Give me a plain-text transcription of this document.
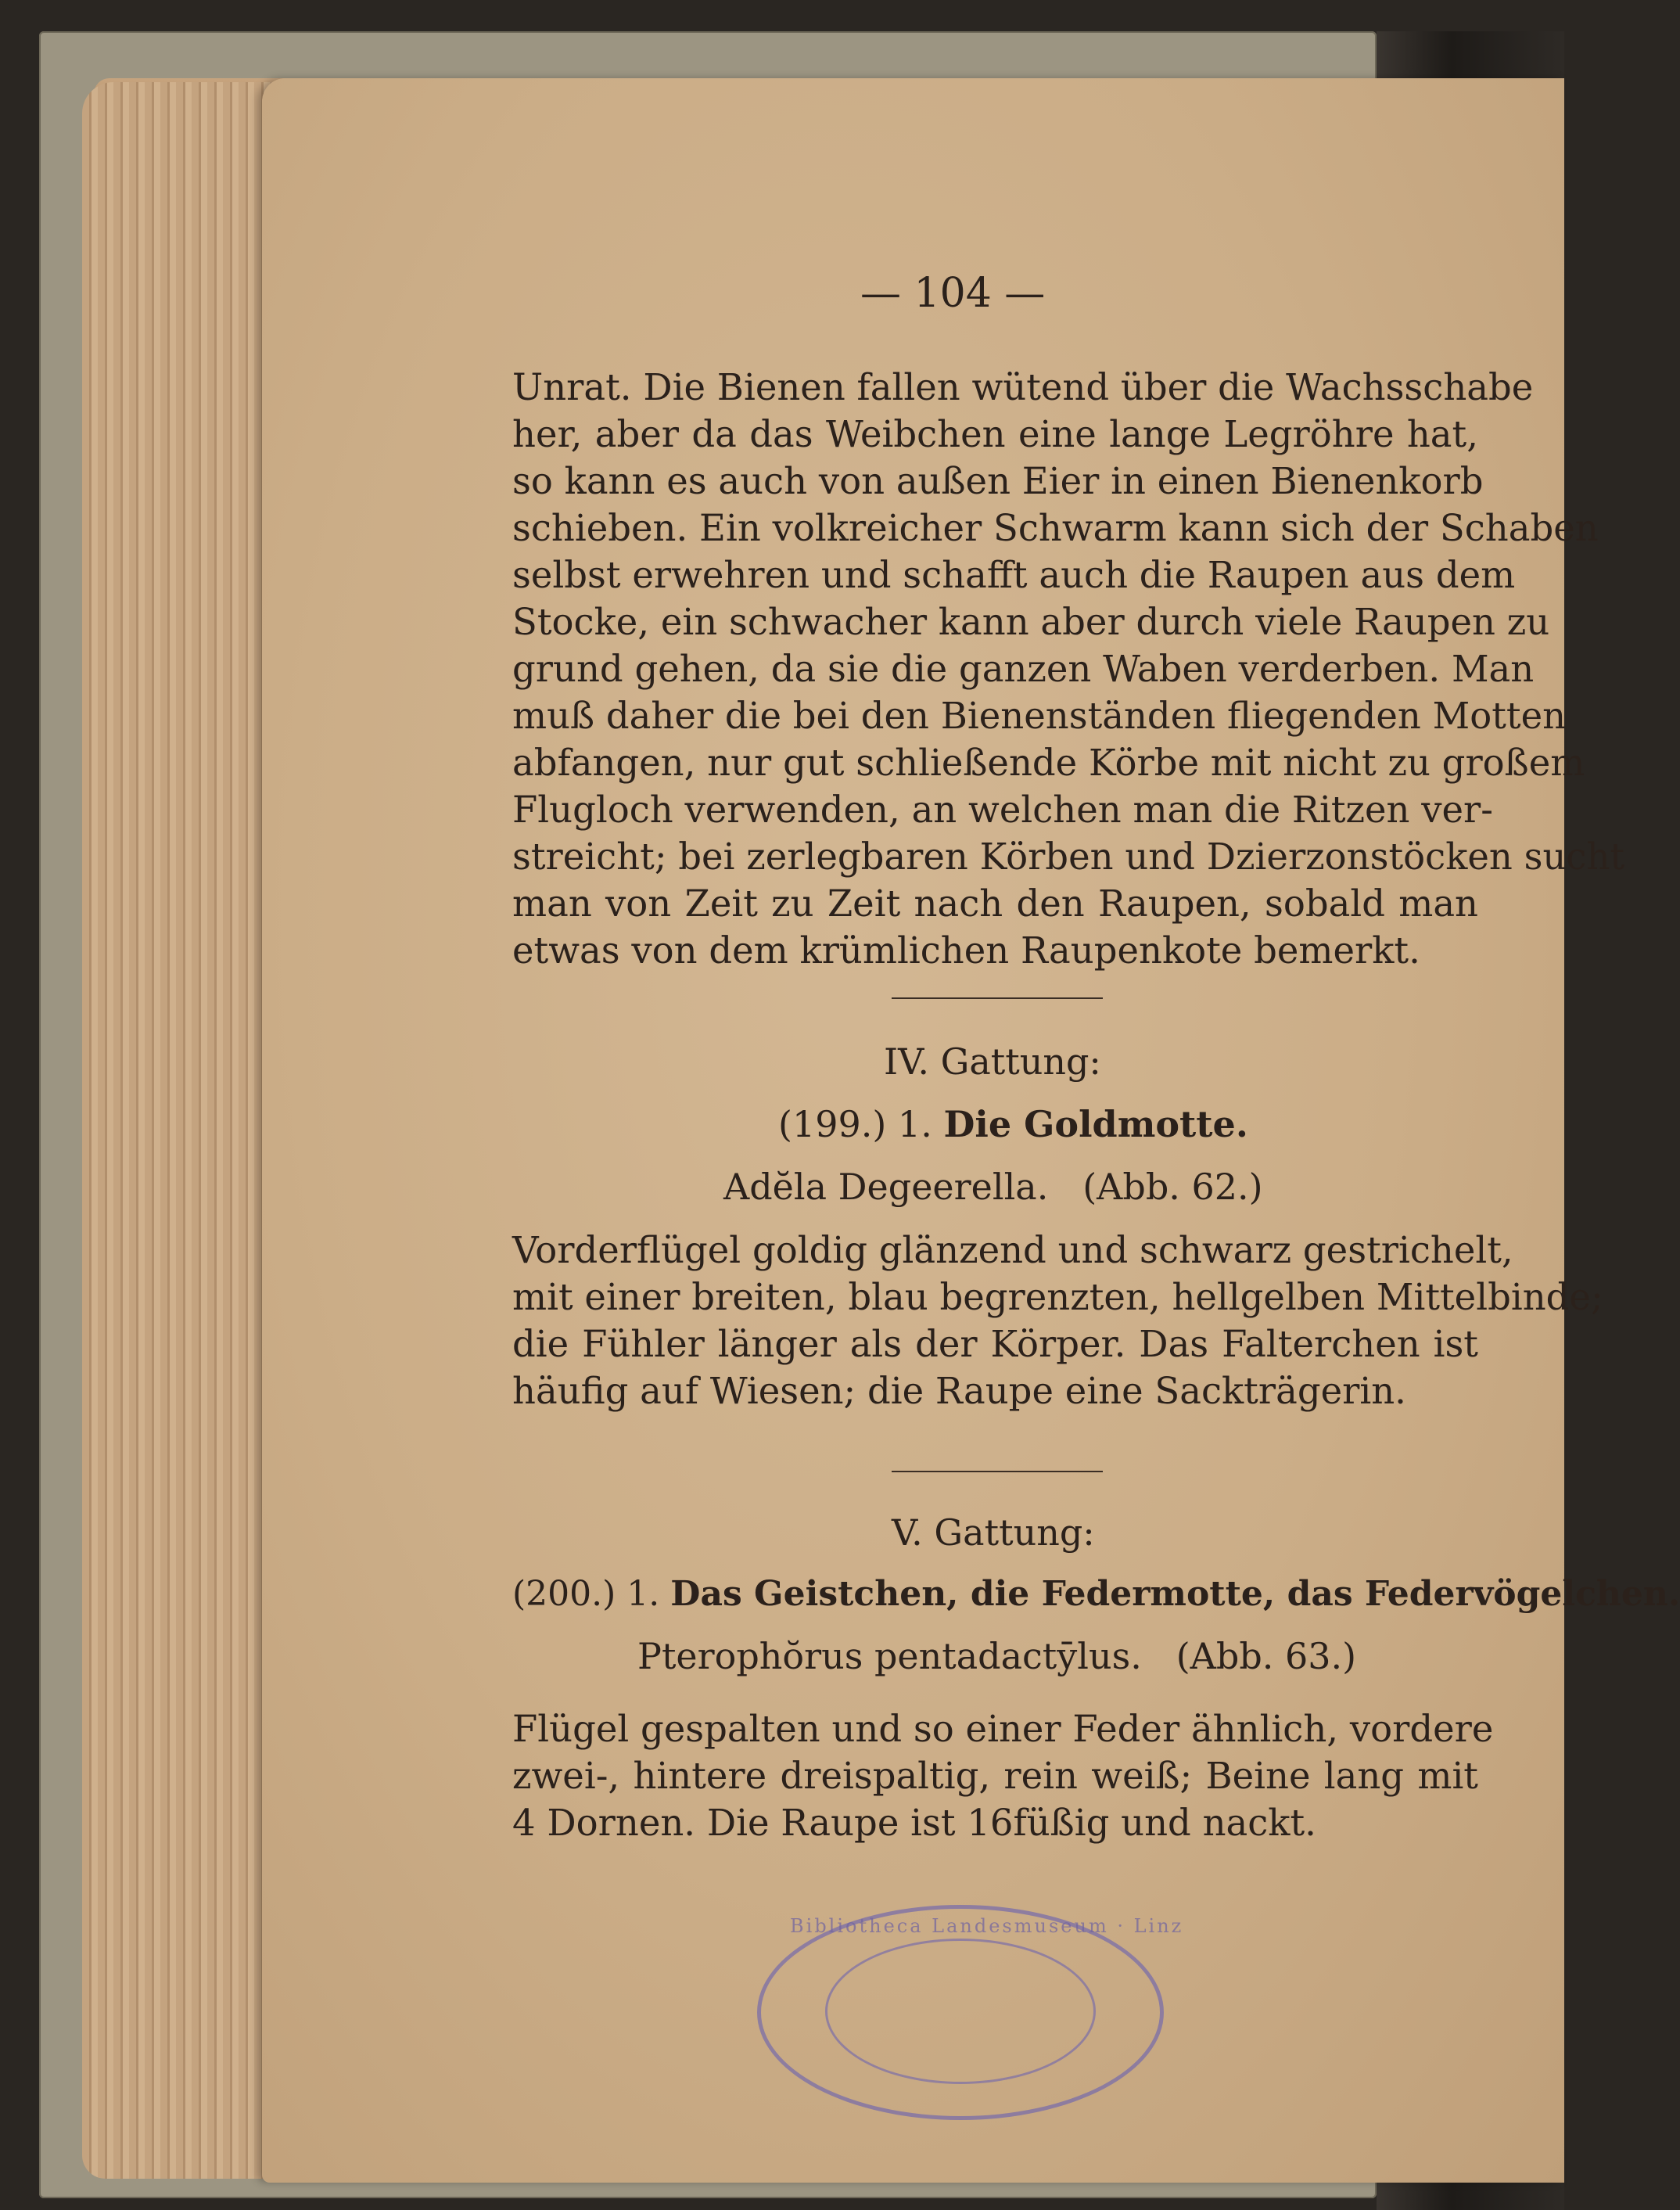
— 104 —
Unrat. Die Bienen fallen wütend über die Wachsschabe
her, aber da das Weibchen eine lange Legröhre hat,
so kann es auch von außen Eier in einen Bienenkorb
schieben. Ein volkreicher Schwarm kann sich der Schaben
selbst erwehren und schafft auch die Raupen aus dem
Stocke, ein schwacher kann aber durch viele Raupen zu
grund gehen, da sie die ganzen Waben verderben. Man
muß daher die bei den Bienenständen fliegenden Motten
abfangen, nur gut schließende Körbe mit nicht zu großem
Flugloch verwenden, an welchen man die Ritzen ver-
streicht; bei zerlegbaren Körben und Dzierzonstöcken sucht
man von Zeit zu Zeit nach den Raupen, sobald man
etwas von dem krümlichen Raupenkote bemerkt.
IV. Gattung:
(199.) 1. Die Goldmotte.
Adĕla Degeerella. (Abb. 62.)
Vorderflügel goldig glänzend und schwarz gestrichelt,
mit einer breiten, blau begrenzten, hellgelben Mittelbinde;
die Fühler länger als der Körper. Das Falterchen ist
häufig auf Wiesen; die Raupe eine Sackträgerin.
V. Gattung:
(200.) 1. Das Geistchen, die Federmotte, das Federvögelchen.
Pterophŏrus pentadactȳlus. (Abb. 63.)
Flügel gespalten und so einer Feder ähnlich, vordere
zwei-, hintere dreispaltig, rein weiß; Beine lang mit
4 Dornen. Die Raupe ist 16füßig und nackt.
Bibliotheca Landesmuseum · Linz
